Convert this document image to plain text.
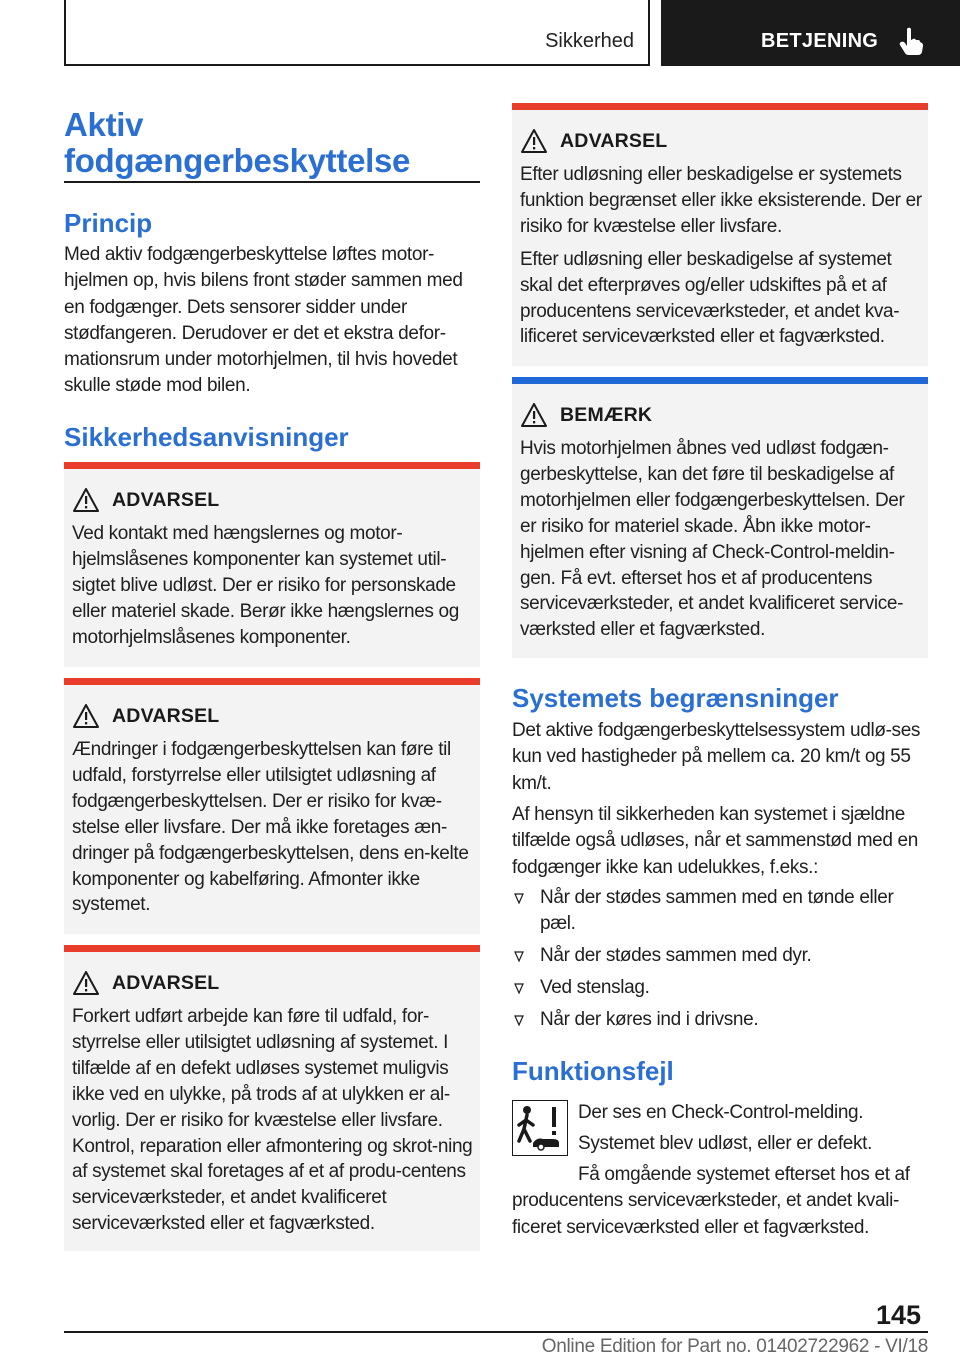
Sikkerhed	BETJENING
Aktiv
fodgængerbeskyttelse
Princip
Med aktiv fodgængerbeskyttelse løftes motor-hjelmen op, hvis bilens front støder sammen med en fodgænger. Dets sensorer sidder under stødfangeren. Derudover er det et ekstra defor-mationsrum under motorhjelmen, til hvis hovedet skulle støde mod bilen.
Sikkerhedsanvisninger
ADVARSEL
Ved kontakt med hængslernes og motor-hjelmslåsenes komponenter kan systemet util-sigtet blive udløst. Der er risiko for personskade eller materiel skade. Berør ikke hængslernes og motorhjelmslåsenes komponenter.
ADVARSEL
Ændringer i fodgængerbeskyttelsen kan føre til udfald, forstyrrelse eller utilsigtet udløsning af fodgængerbeskyttelsen. Der er risiko for kvæ-stelse eller livsfare. Der må ikke foretages æn-dringer på fodgængerbeskyttelsen, dens en-kelte komponenter og kabelføring. Afmonter ikke systemet.
ADVARSEL
Forkert udført arbejde kan føre til udfald, for-styrrelse eller utilsigtet udløsning af systemet. I tilfælde af en defekt udløses systemet muligvis ikke ved en ulykke, på trods af at ulykken er al-vorlig. Der er risiko for kvæstelse eller livsfare. Kontrol, reparation eller afmontering og skrot-ning af systemet skal foretages af et af produ-centens serviceværksteder, et andet kvalificeret serviceværksted eller et fagværksted.
ADVARSEL

Efter udløsning eller beskadigelse er systemets funktion begrænset eller ikke eksisterende. Der er risiko for kvæstelse eller livsfare.

Efter udløsning eller beskadigelse af systemet skal det efterprøves og/eller udskiftes på et af producentens serviceværksteder, et andet kva-lificeret serviceværksted eller et fagværksted.

BEMÆRK
Hvis motorhjelmen åbnes ved udløst fodgæn-gerbeskyttelse, kan det føre til beskadigelse af motorhjelmen eller fodgængerbeskyttelsen. Der er risiko for materiel skade. Åbn ikke motor-hjelmen efter visning af Check-Control-meldin-gen. Få evt. efterset hos et af producentens serviceværksteder, et andet kvalificeret service-værksted eller et fagværksted.
Systemets begrænsninger
Det aktive fodgængerbeskyttelsessystem udlø-ses kun ved hastigheder på mellem ca. 20 km/t og 55 km/t.
Af hensyn til sikkerheden kan systemet i sjældne tilfælde også udløses, når et sammenstød med en fodgænger ikke kan udelukkes, f.eks.:
Når der stødes sammen med en tønde eller pæl.
Når der stødes sammen med dyr.
Ved stenslag.
Når der køres ind i drivsne.
Funktionsfejl
Der ses en Check-Control-melding.
Systemet blev udløst, eller er defekt.
Få omgående systemet efterset hos et af producentens serviceværksteder, et andet kvali-ficeret serviceværksted eller et fagværksted.
145
Online Edition for Part no. 01402722962 - VI/18
